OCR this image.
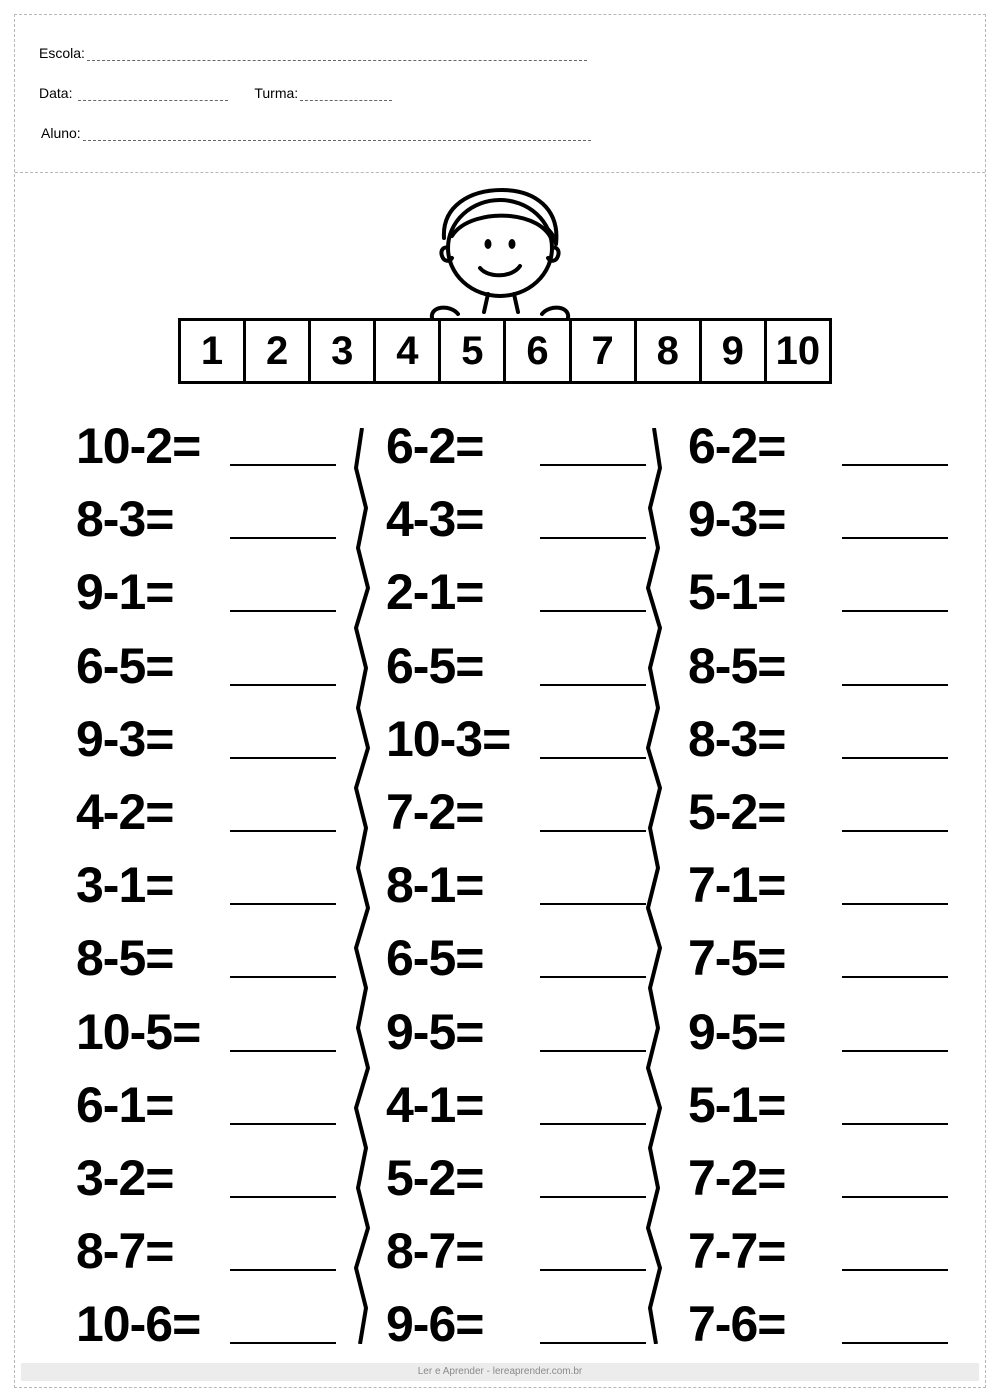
Escola:
Data:	Turma:
Aluno:
Ler e Aprender - lereaprender.com.br
1	2	3	4	5	6	7	8	9 10
10-2=
8-3=
9-1=
6-5=
9-3=
4-2=
3-1=
8-5=
10-5=
6-1=
3-2=
8-7=
10-6=
6-2=
4-3=
2-1=
6-5=
10-3=
7-2=
8-1=
6-5=
9-5=
4-1=
5-2=
8-7=
9-6=
6-2=
9-3=
5-1=
8-5=
8-3=
5-2=
7-1=
7-5=
9-5=
5-1=
7-2=
7-7=
7-6=
